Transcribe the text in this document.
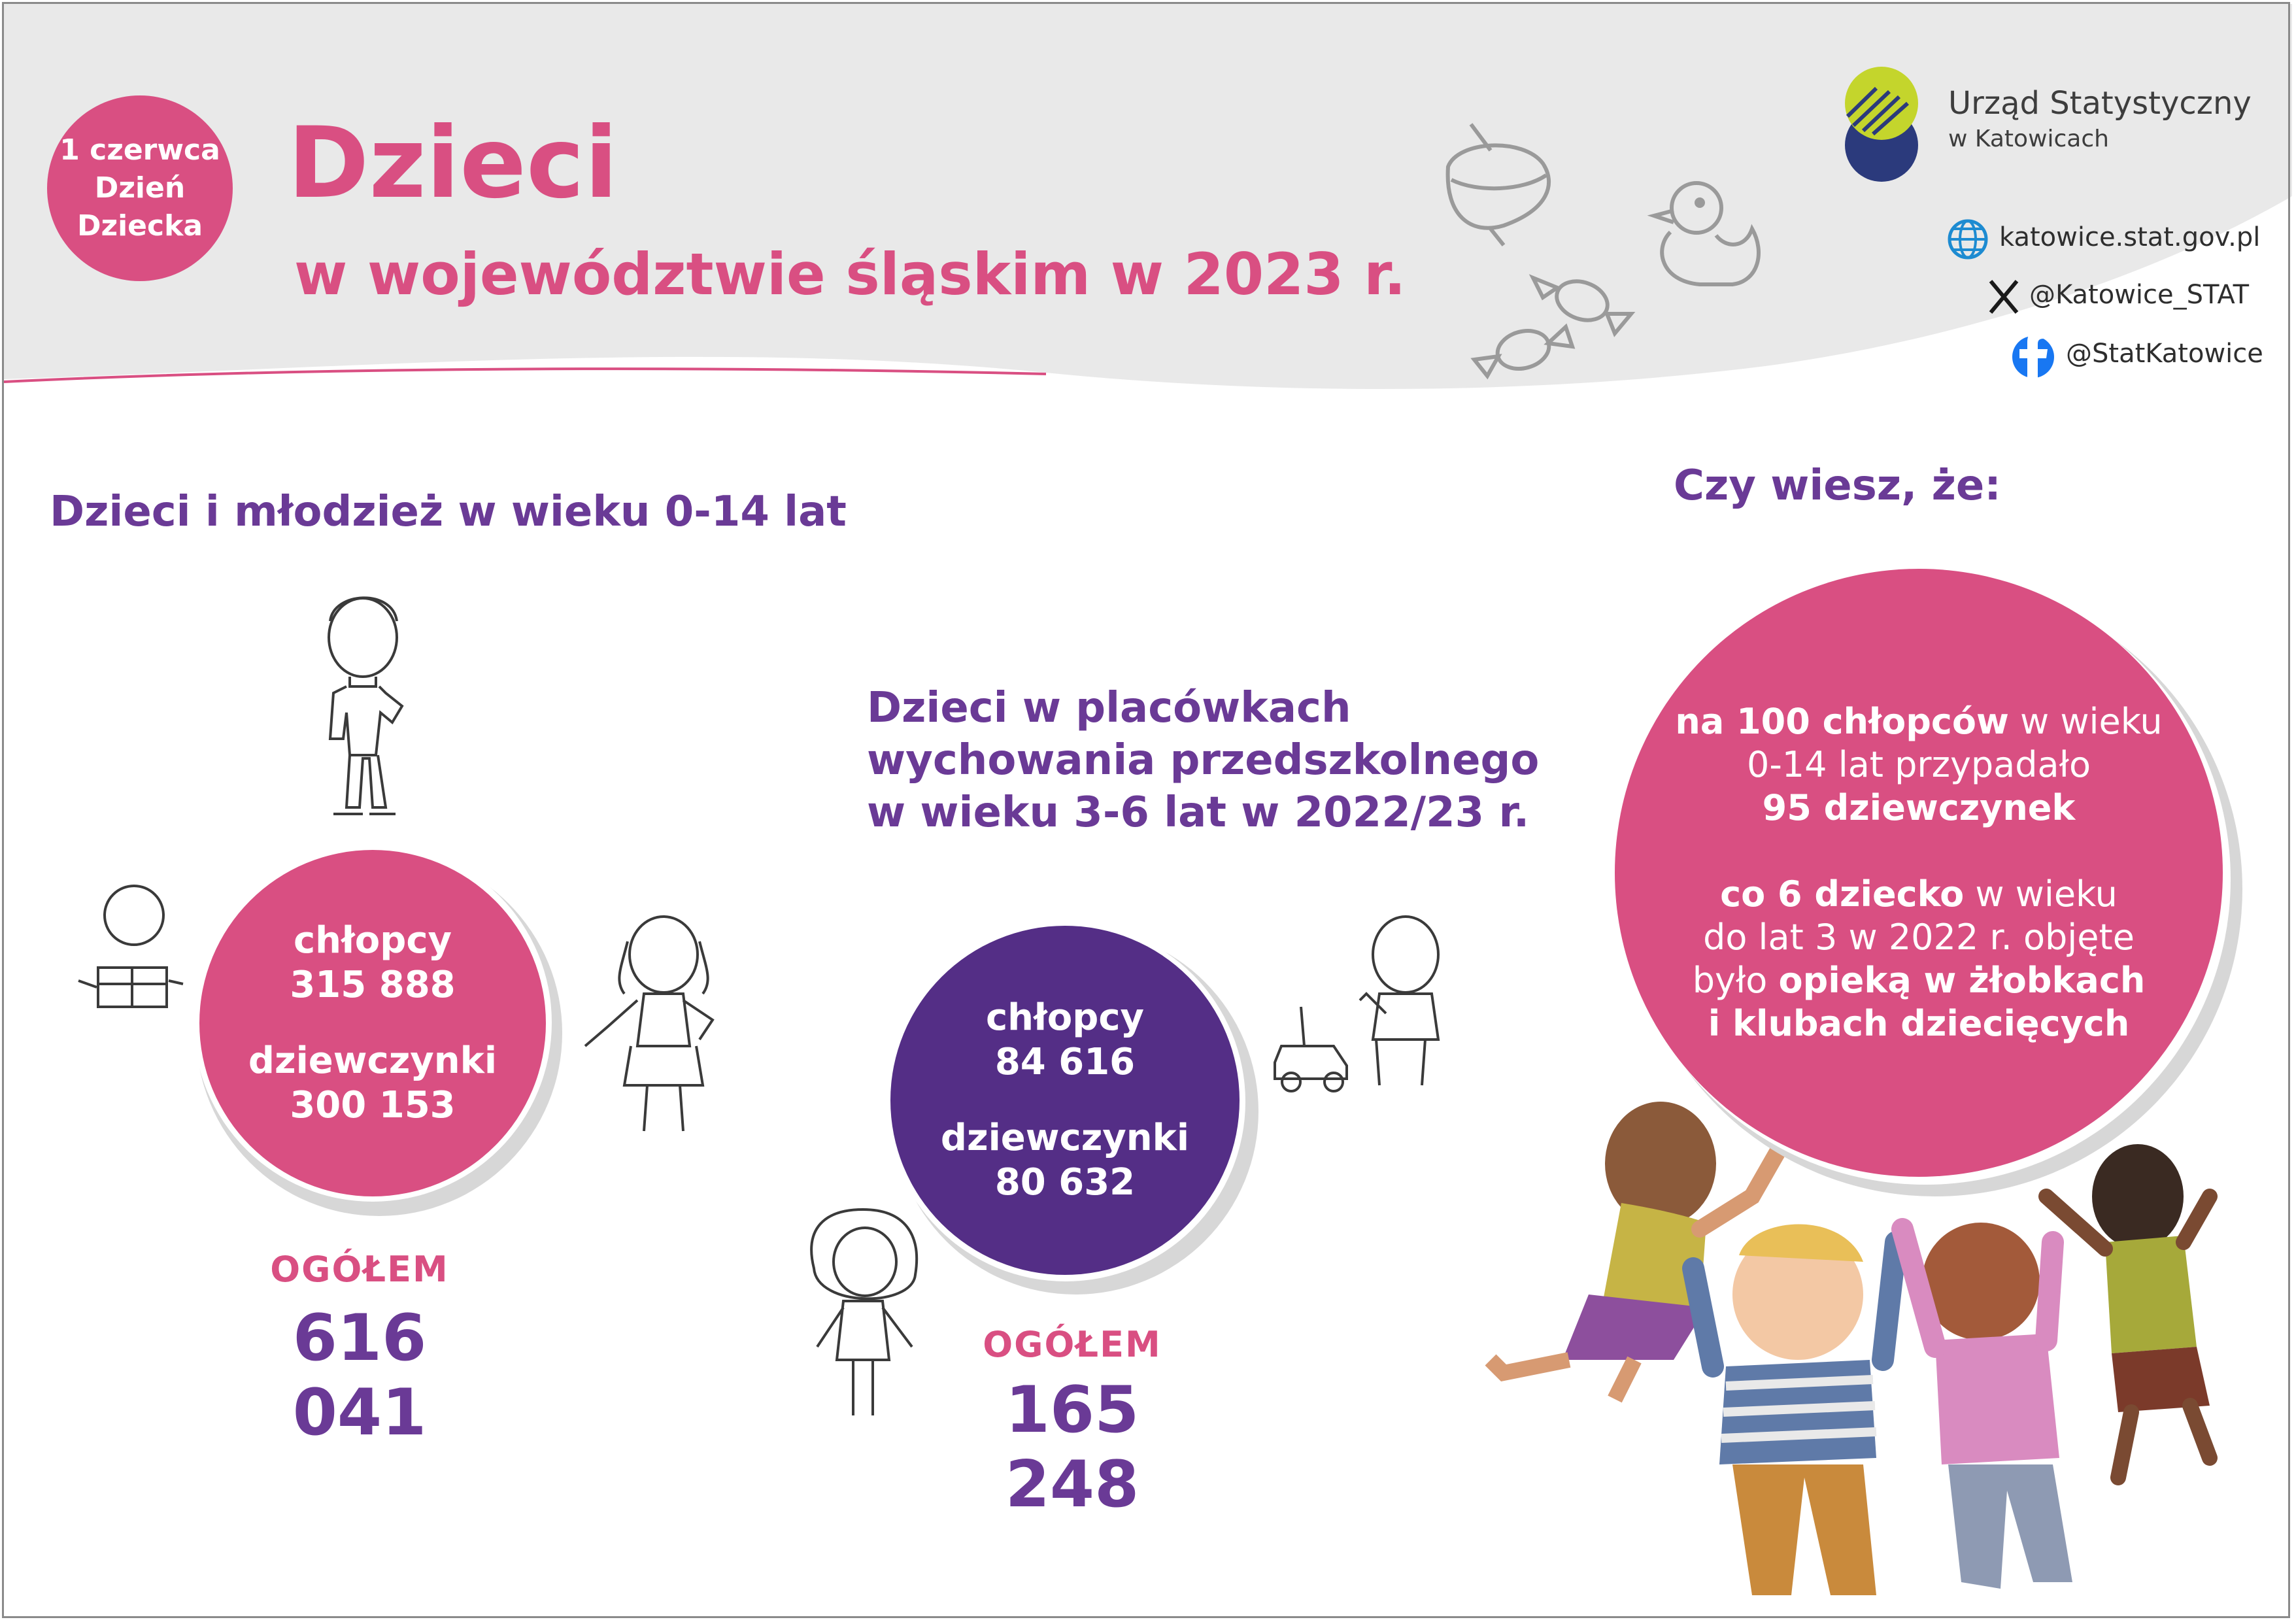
1 czerwca
Dzień
Dziecka
Dzieci
w województwie śląskim w 2023 r.
Urząd Statystyczny
w Katowicach
katowice.stat.gov.pl
@Katowice_STAT
@StatKatowice
Dzieci i młodzież w wieku 0-14 lat
chłopcy
315 888
dziewczynki
300 153
OGÓŁEM
616 041
Dzieci w placówkach
wychowania przedszkolnego
w wieku 3-6 lat w 2022/23 r.
chłopcy
84 616
dziewczynki
80 632
OGÓŁEM
165 248
Czy wiesz, że:
na 100 chłopców w wieku
0-14 lat przypadało
95 dziewczynek
co 6 dziecko w wieku
do lat 3 w 2022 r. objęte
było opieką w żłobkach
i klubach dziecięcych
